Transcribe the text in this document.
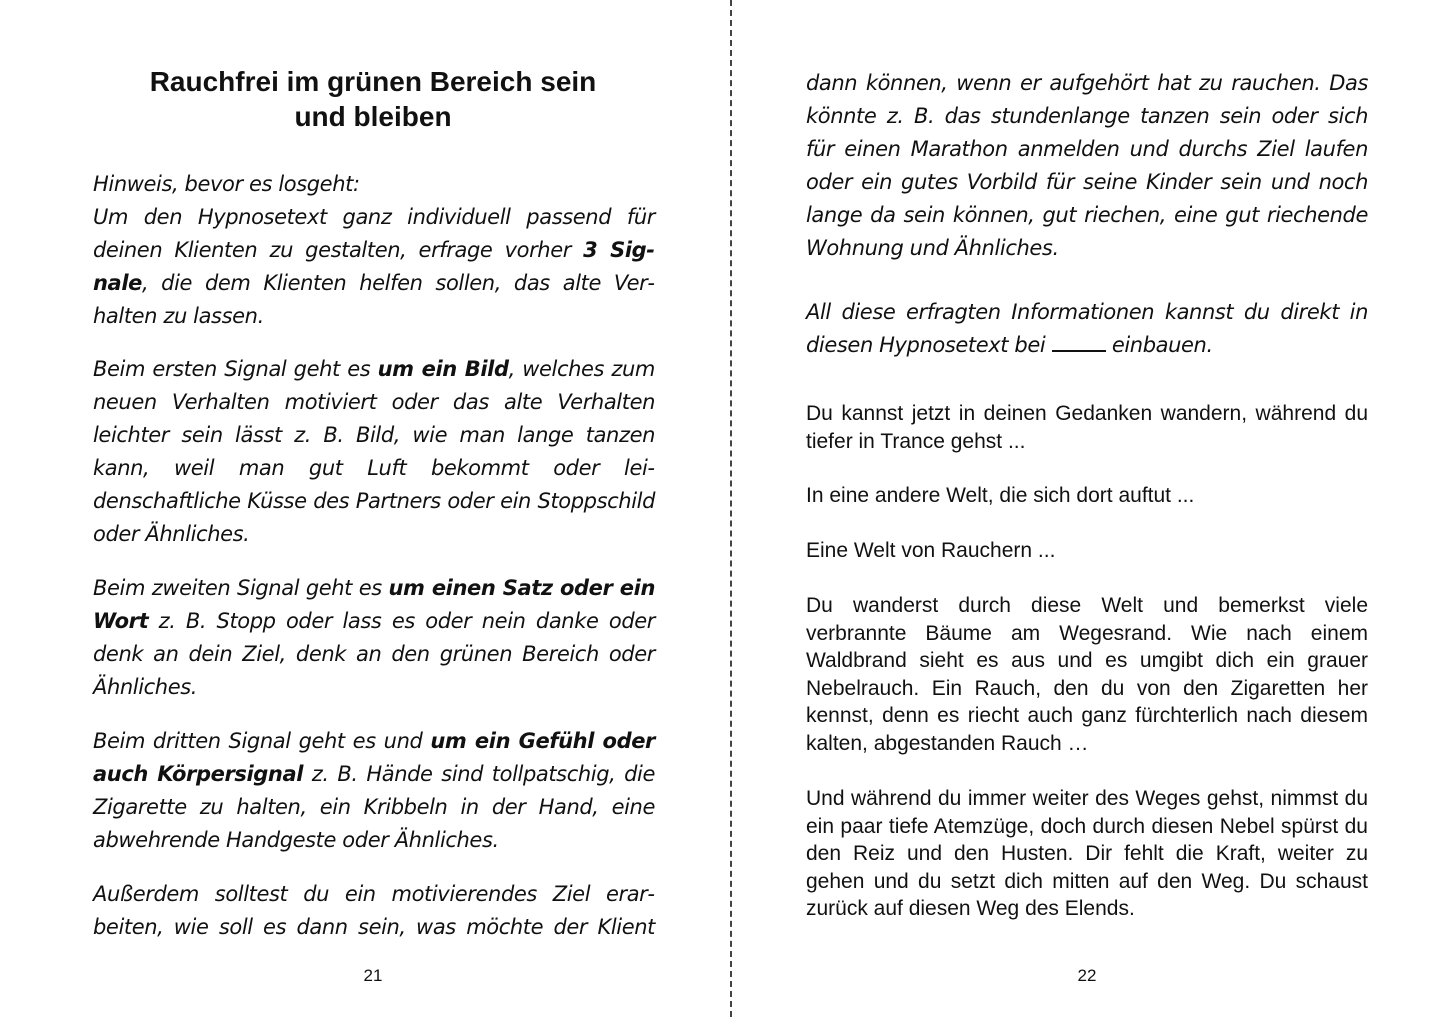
Rauchfrei im grünen Bereich sein
und bleiben

Hinweis, bevor es losgeht:
Um den Hypnosetext ganz individuell passend für deinen Klienten zu gestalten, erfrage vorher 3 Signale, die dem Klienten helfen sollen, das alte Verhalten zu lassen.

Beim ersten Signal geht es um ein Bild, welches zum neuen Verhalten motiviert oder das alte Verhalten leichter sein lässt z. B. Bild, wie man lange tanzen kann, weil man gut Luft bekommt oder leidenschaftliche Küsse des Partners oder ein Stoppschild oder Ähnliches.

Beim zweiten Signal geht es um einen Satz oder ein Wort z. B. Stopp oder lass es oder nein danke oder denk an dein Ziel, denk an den grünen Bereich oder Ähnliches.

Beim dritten Signal geht es und um ein Gefühl oder auch Körpersignal z. B. Hände sind tollpatschig, die Zigarette zu halten, ein Kribbeln in der Hand, eine abwehrende Handgeste oder Ähnliches.

Außerdem solltest du ein motivierendes Ziel erarbeiten, wie soll es dann sein, was möchte der Klient

21

dann können, wenn er aufgehört hat zu rauchen. Das könnte z. B. das stundenlange tanzen sein oder sich für einen Marathon anmelden und durchs Ziel laufen oder ein gutes Vorbild für seine Kinder sein und noch lange da sein können, gut riechen, eine gut riechende Wohnung und Ähnliches.

All diese erfragten Informationen kannst du direkt in diesen Hypnosetext bei	einbauen.

Du kannst jetzt in deinen Gedanken wandern, während du tiefer in Trance gehst ...

In eine andere Welt, die sich dort auftut ...

Eine Welt von Rauchern ...

Du wanderst durch diese Welt und bemerkst viele verbrannte Bäume am Wegesrand. Wie nach einem Waldbrand sieht es aus und es umgibt dich ein grauer Nebelrauch. Ein Rauch, den du von den Zigaretten her kennst, denn es riecht auch ganz fürchterlich nach diesem kalten, abgestanden Rauch …

Und während du immer weiter des Weges gehst, nimmst du ein paar tiefe Atemzüge, doch durch diesen Nebel spürst du den Reiz und den Husten. Dir fehlt die Kraft, weiter zu gehen und du setzt dich mitten auf den Weg. Du schaust zurück auf diesen Weg des Elends.

22
